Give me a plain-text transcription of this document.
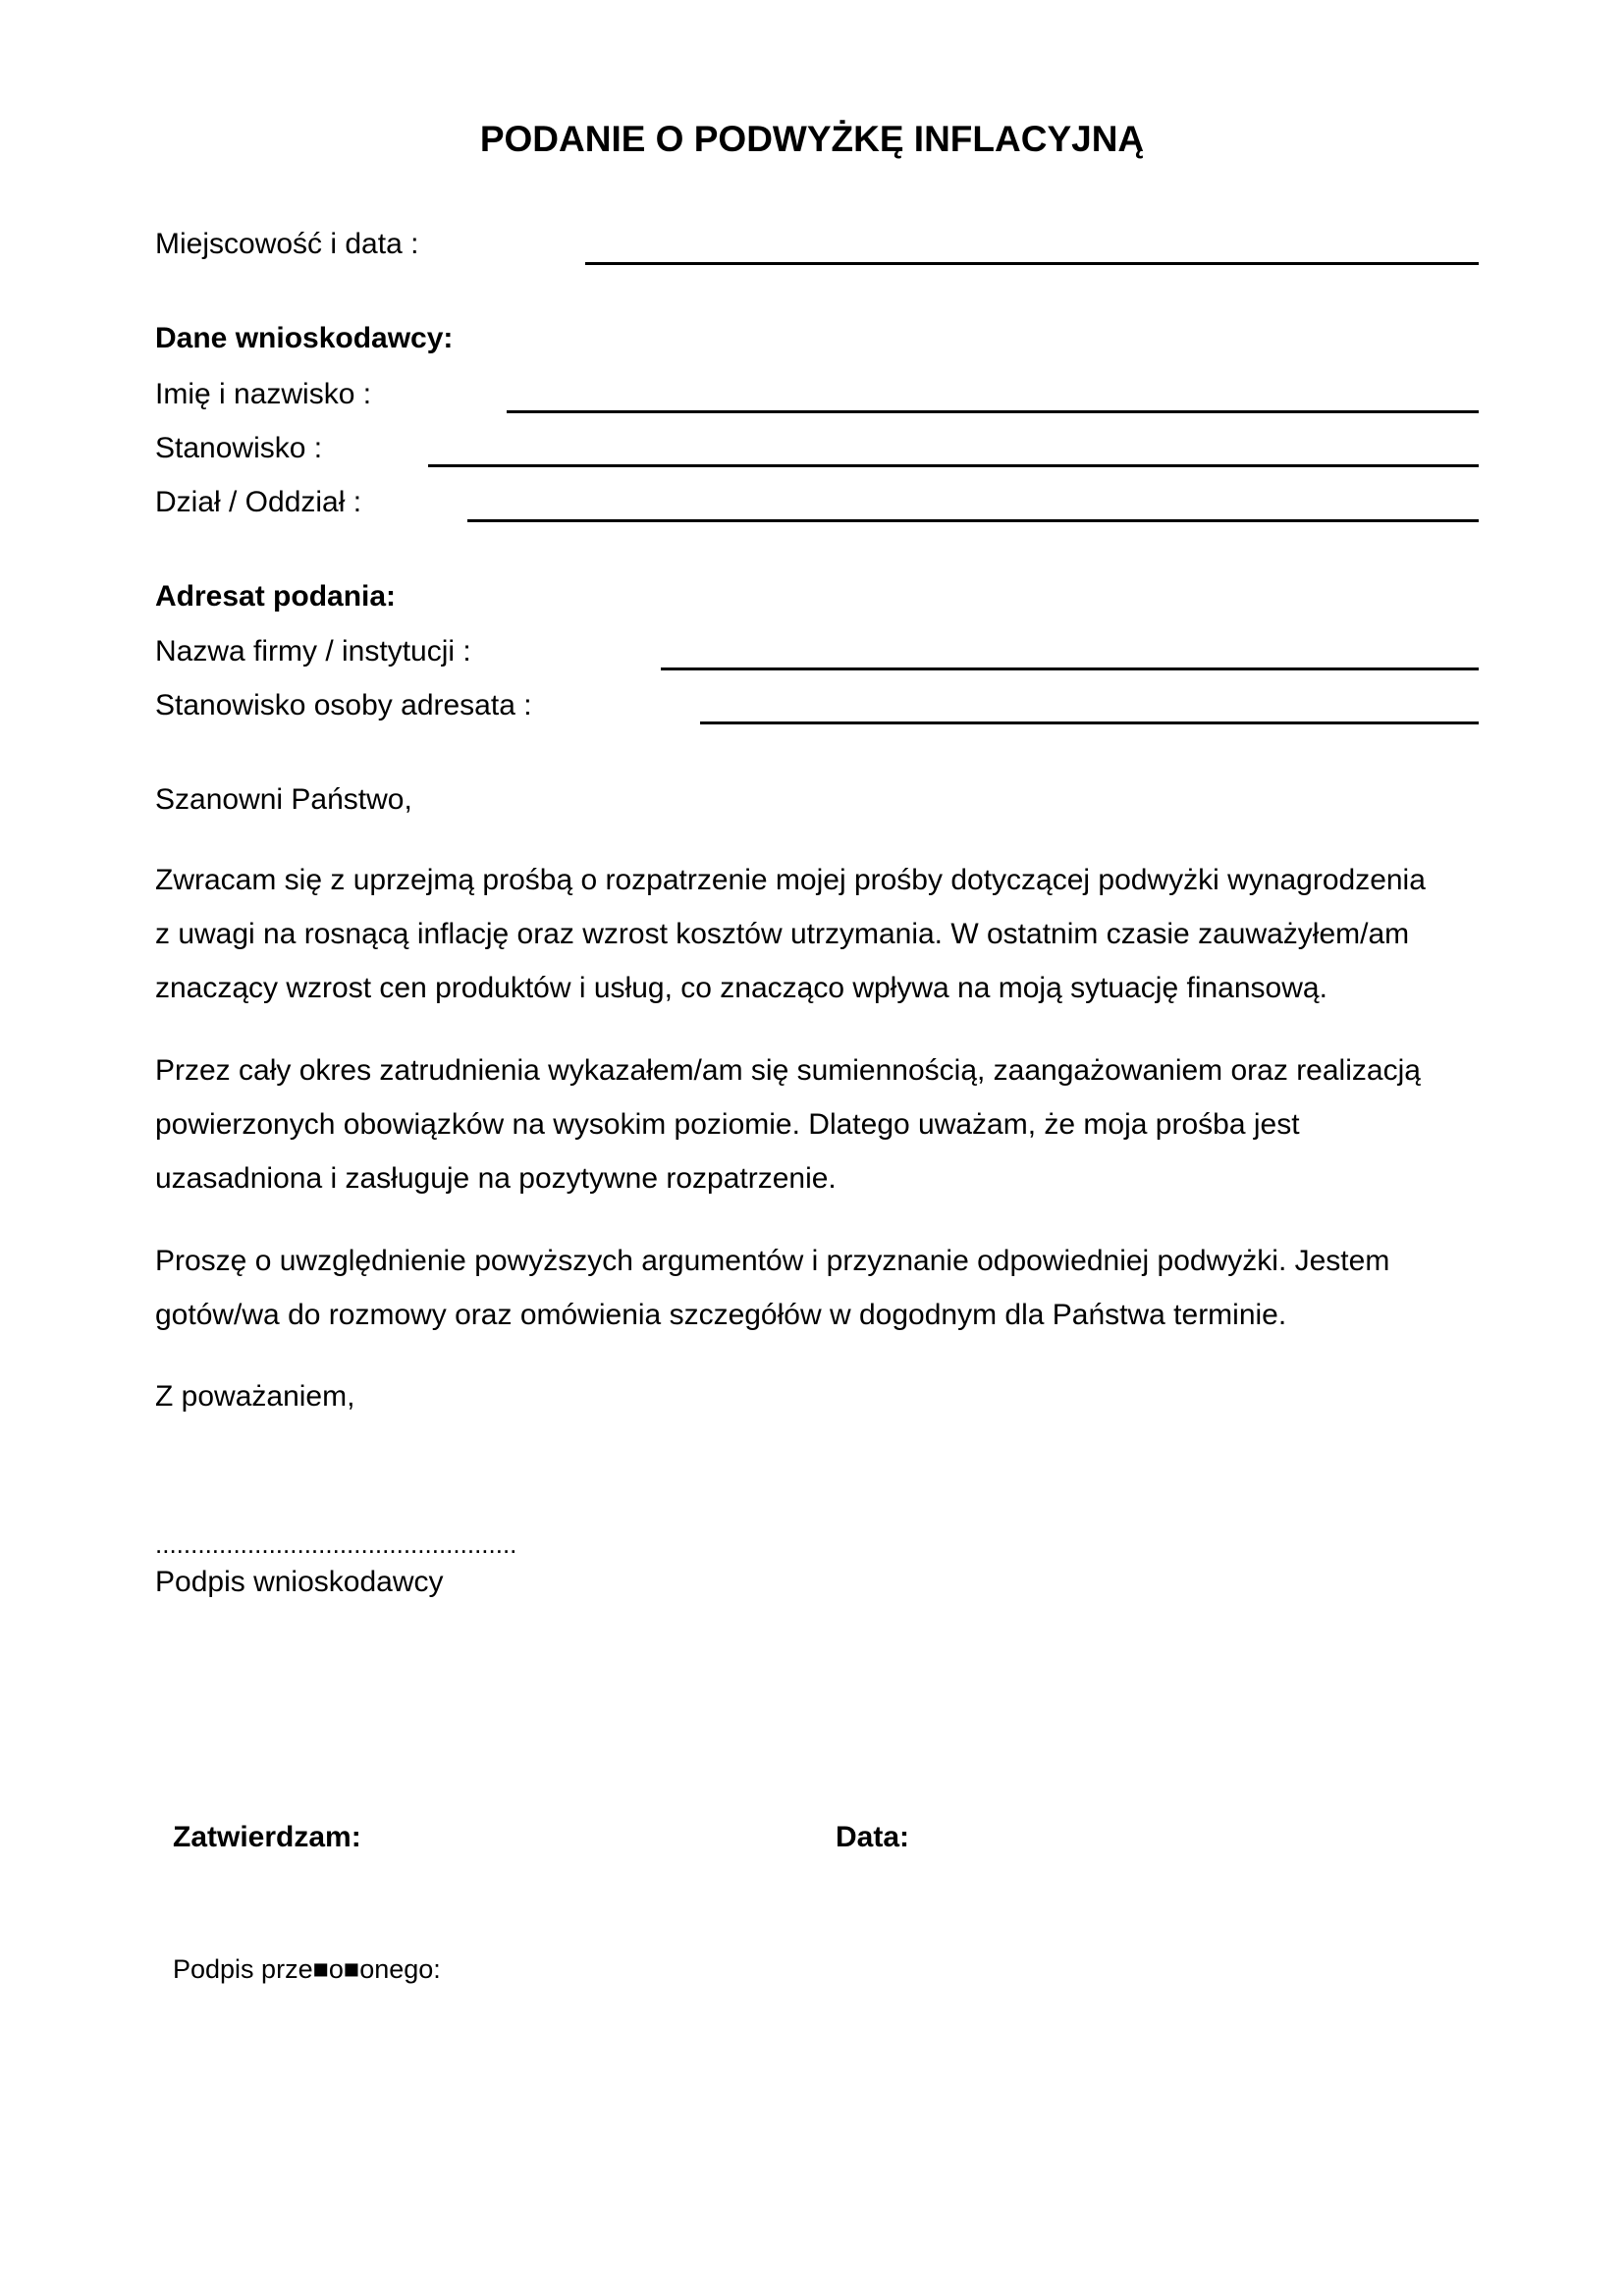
PODANIE O PODWYŻKĘ INFLACYJNĄ
Miejscowość i data :
Dane wnioskodawcy:
Imię i nazwisko :
Stanowisko :
Dział / Oddział :
Adresat podania:
Nazwa firmy / instytucji :
Stanowisko osoby adresata :
Szanowni Państwo,
Zwracam się z uprzejmą prośbą o rozpatrzenie mojej prośby dotyczącej podwyżki wynagrodzenia
z uwagi na rosnącą inflację oraz wzrost kosztów utrzymania. W ostatnim czasie zauważyłem/am
znaczący wzrost cen produktów i usług, co znacząco wpływa na moją sytuację finansową.
Przez cały okres zatrudnienia wykazałem/am się sumiennością, zaangażowaniem oraz realizacją
powierzonych obowiązków na wysokim poziomie. Dlatego uważam, że moja prośba jest
uzasadniona i zasługuje na pozytywne rozpatrzenie.
Proszę o uwzględnienie powyższych argumentów i przyznanie odpowiedniej podwyżki. Jestem
gotów/wa do rozmowy oraz omówienia szczegółów w dogodnym dla Państwa terminie.
Z poważaniem,
...................................................
Podpis wnioskodawcy
Zatwierdzam:	Data:
Podpis prze■o■onego:
